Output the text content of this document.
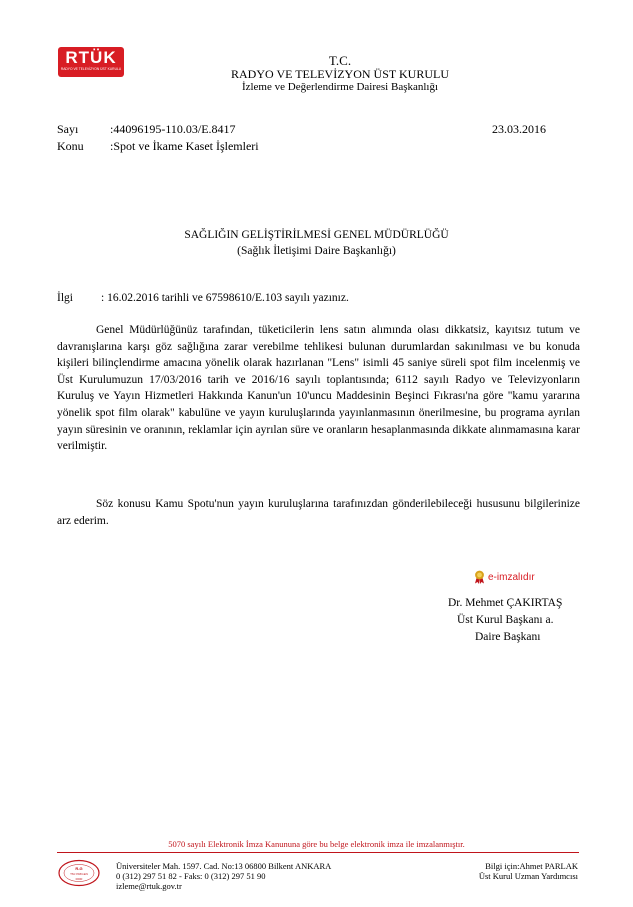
RTÜK
RADYO VE TELEVİZYON ÜST KURULU
T.C.
RADYO VE TELEVİZYON ÜST KURULU
İzleme ve Değerlendirme Dairesi Başkanlığı
Sayı	:44096195-110.03/E.8417	23.03.2016
Konu :Spot ve İkame Kaset İşlemleri
SAĞLIĞIN GELİŞTİRİLMESİ GENEL MÜDÜRLÜĞÜ
(Sağlık İletişimi Daire Başkanlığı)
İlgi : 16.02.2016 tarihli ve 67598610/E.103 sayılı yazınız.

Genel Müdürlüğünüz tarafından, tüketicilerin lens satın alımında olası dikkatsiz, kayıtsız tutum ve davranışlarına karşı göz sağlığına zarar verebilme tehlikesi bulunan durumlardan sakınılması ve bu konuda kişileri bilinçlendirme amacına yönelik olarak hazırlanan "Lens" isimli 45 saniye süreli spot film incelenmiş ve Üst Kurulumuzun 17/03/2016 tarih ve 2016/16 sayılı toplantısında; 6112 sayılı Radyo ve Televizyonların Kuruluş ve Yayın Hizmetleri Hakkında Kanun'un 10'uncu Maddesinin Beşinci Fıkrası'na göre "kamu yararına yönelik spot film olarak" kabulüne ve yayın kuruluşlarında yayınlanmasının önerilmesine, bu programa ayrılan yayın süresinin ve oranının, reklamlar için ayrılan süre ve oranların hesaplanmasında dikkate alınmamasına karar verilmiştir.

Söz konusu Kamu Spotu'nun yayın kuruluşlarına tarafınızdan gönderilebileceği hususunu bilgilerinize arz ederim.

e-imzalıdır
Dr. Mehmet ÇAKIRTAŞ
Üst Kurul Başkanı a.
Daire Başkanı
5070 sayılı Elektronik İmza Kanununa göre bu belge elektronik imza ile imzalanmıştır.
R-G
TM-YIRD-EN
0000
Üniversiteler Mah. 1597. Cad. No:13 06800 Bilkent ANKARA
0 (312) 297 51 82 - Faks: 0 (312) 297 51 90
izleme@rtuk.gov.tr
Bilgi için:Ahmet PARLAK
Üst Kurul Uzman Yardımcısı
